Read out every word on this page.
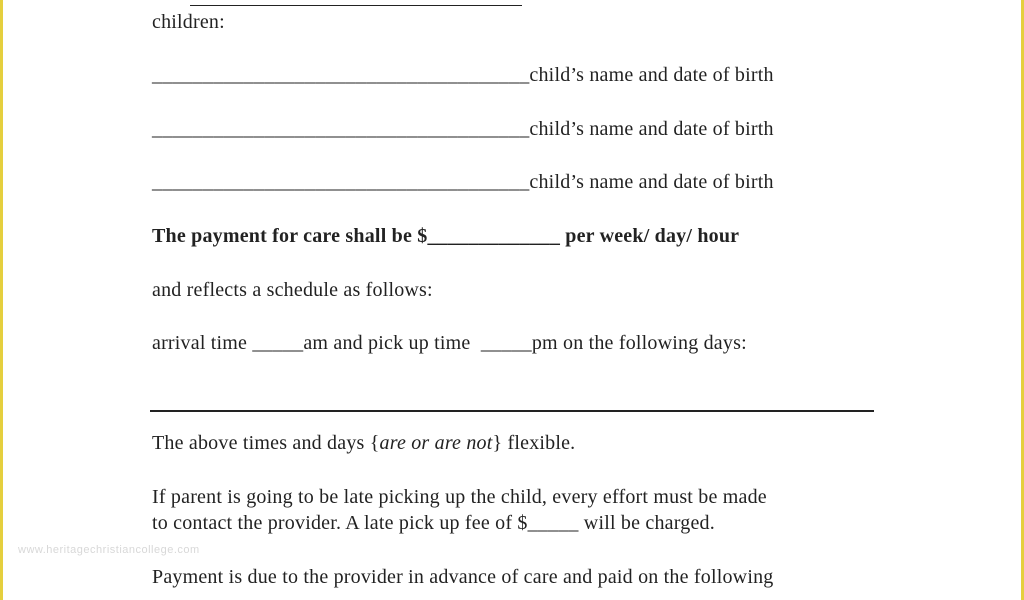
children:
_____________________________________child’s name and date of birth
_____________________________________child’s name and date of birth
_____________________________________child’s name and date of birth
The payment for care shall be $_____________ per week/ day/ hour
and reflects a schedule as follows:
arrival time _____am and pick up time  _____pm on the following days:
The above times and days {are or are not} flexible.
If parent is going to be late picking up the child, every effort must be made
to contact the provider. A late pick up fee of $_____ will be charged.
Payment is due to the provider in advance of care and paid on the following
www.heritagechristiancollege.com
